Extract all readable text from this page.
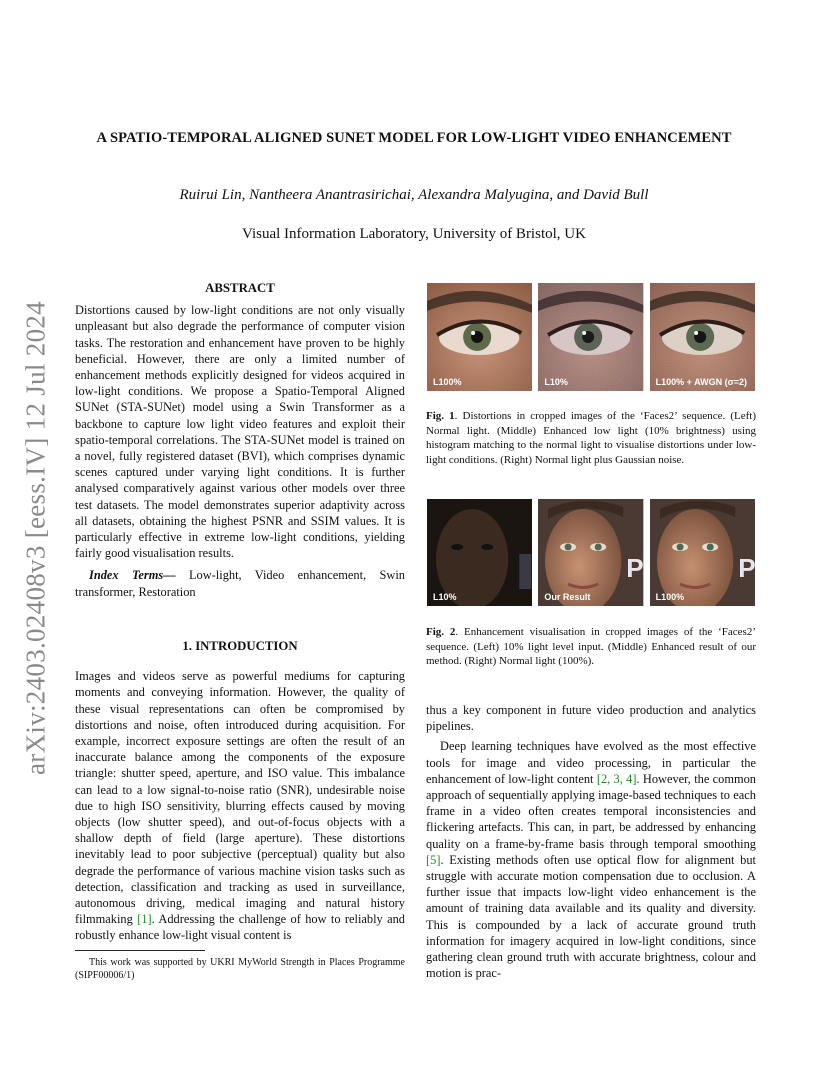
arXiv:2403.02408v3 [eess.IV] 12 Jul 2024
A SPATIO-TEMPORAL ALIGNED SUNET MODEL FOR LOW-LIGHT VIDEO ENHANCEMENT
Ruirui Lin, Nantheera Anantrasirichai, Alexandra Malyugina, and David Bull
Visual Information Laboratory, University of Bristol, UK
ABSTRACT

Distortions caused by low-light conditions are not only visually unpleasant but also degrade the performance of computer vision tasks. The restoration and enhancement have proven to be highly beneficial. However, there are only a limited number of enhancement methods explicitly designed for videos acquired in low-light conditions. We propose a Spatio-Temporal Aligned SUNet (STA-SUNet) model using a Swin Transformer as a backbone to capture low light video features and exploit their spatio-temporal correlations. The STA-SUNet model is trained on a novel, fully registered dataset (BVI), which comprises dynamic scenes captured under varying light conditions. It is further analysed comparatively against various other models over three test datasets. The model demonstrates superior adaptivity across all datasets, obtaining the highest PSNR and SSIM values. It is particularly effective in extreme low-light conditions, yielding fairly good visualisation results.

Index Terms— Low-light, Video enhancement, Swin transformer, Restoration

1. INTRODUCTION

Images and videos serve as powerful mediums for capturing moments and conveying information. However, the quality of these visual representations can often be compromised by distortions and noise, often introduced during acquisition. For example, incorrect exposure settings are often the result of an inaccurate balance among the components of the exposure triangle: shutter speed, aperture, and ISO value. This imbalance can lead to a low signal-to-noise ratio (SNR), undesirable noise due to high ISO sensitivity, blurring effects caused by moving objects (low shutter speed), and out-of-focus objects with a shallow depth of field (large aperture). These distortions inevitably lead to poor subjective (perceptual) quality but also degrade the performance of various machine vision tasks such as detection, classification and tracking as used in surveillance, autonomous driving, medical imaging and natural history filmmaking [1]. Addressing the challenge of how to reliably and robustly enhance low-light visual content is

This work was supported by UKRI MyWorld Strength in Places Programme (SIPF00006/1)
L100%	L10%	L100% + AWGN (σ=2)
Fig. 1. Distortions in cropped images of the ‘Faces2’ sequence. (Left) Normal light. (Middle) Enhanced low light (10% brightness) using histogram matching to the normal light to visualise distortions under low-light conditions. (Right) Normal light plus Gaussian noise.
L10%
P
Our Result
P
L100%
Fig. 2. Enhancement visualisation in cropped images of the ‘Faces2’ sequence. (Left) 10% light level input. (Middle) Enhanced result of our method. (Right) Normal light (100%).

thus a key component in future video production and analytics pipelines.

Deep learning techniques have evolved as the most effective tools for image and video processing, in particular the enhancement of low-light content [2, 3, 4]. However, the common approach of sequentially applying image-based techniques to each frame in a video often creates temporal inconsistencies and flickering artefacts. This can, in part, be addressed by enhancing quality on a frame-by-frame basis through temporal smoothing [5]. Existing methods often use optical flow for alignment but struggle with accurate motion compensation due to occlusion. A further issue that impacts low-light video enhancement is the amount of training data available and its quality and diversity. This is compounded by a lack of accurate ground truth information for imagery acquired in low-light conditions, since gathering clean ground truth with accurate brightness, colour and motion is prac-
